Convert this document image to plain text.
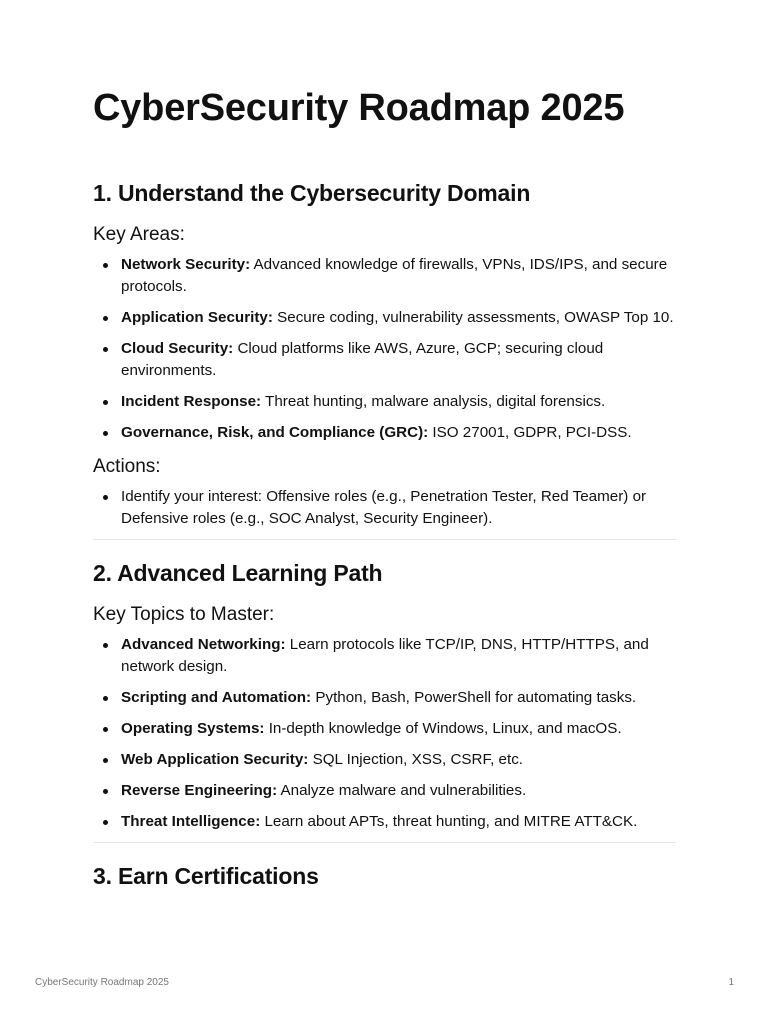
CyberSecurity Roadmap 2025
1. Understand the Cybersecurity Domain
Key Areas:
Network Security: Advanced knowledge of firewalls, VPNs, IDS/IPS, and secure protocols.
Application Security: Secure coding, vulnerability assessments, OWASP Top 10.
Cloud Security: Cloud platforms like AWS, Azure, GCP; securing cloud environments.
Incident Response: Threat hunting, malware analysis, digital forensics.
Governance, Risk, and Compliance (GRC): ISO 27001, GDPR, PCI-DSS.
Actions:
Identify your interest: Offensive roles (e.g., Penetration Tester, Red Teamer) or Defensive roles (e.g., SOC Analyst, Security Engineer).
2. Advanced Learning Path
Key Topics to Master:
Advanced Networking: Learn protocols like TCP/IP, DNS, HTTP/HTTPS, and network design.
Scripting and Automation: Python, Bash, PowerShell for automating tasks.
Operating Systems: In-depth knowledge of Windows, Linux, and macOS.
Web Application Security: SQL Injection, XSS, CSRF, etc.
Reverse Engineering: Analyze malware and vulnerabilities.
Threat Intelligence: Learn about APTs, threat hunting, and MITRE ATT&CK.
3. Earn Certifications
CyberSecurity Roadmap 2025	1
